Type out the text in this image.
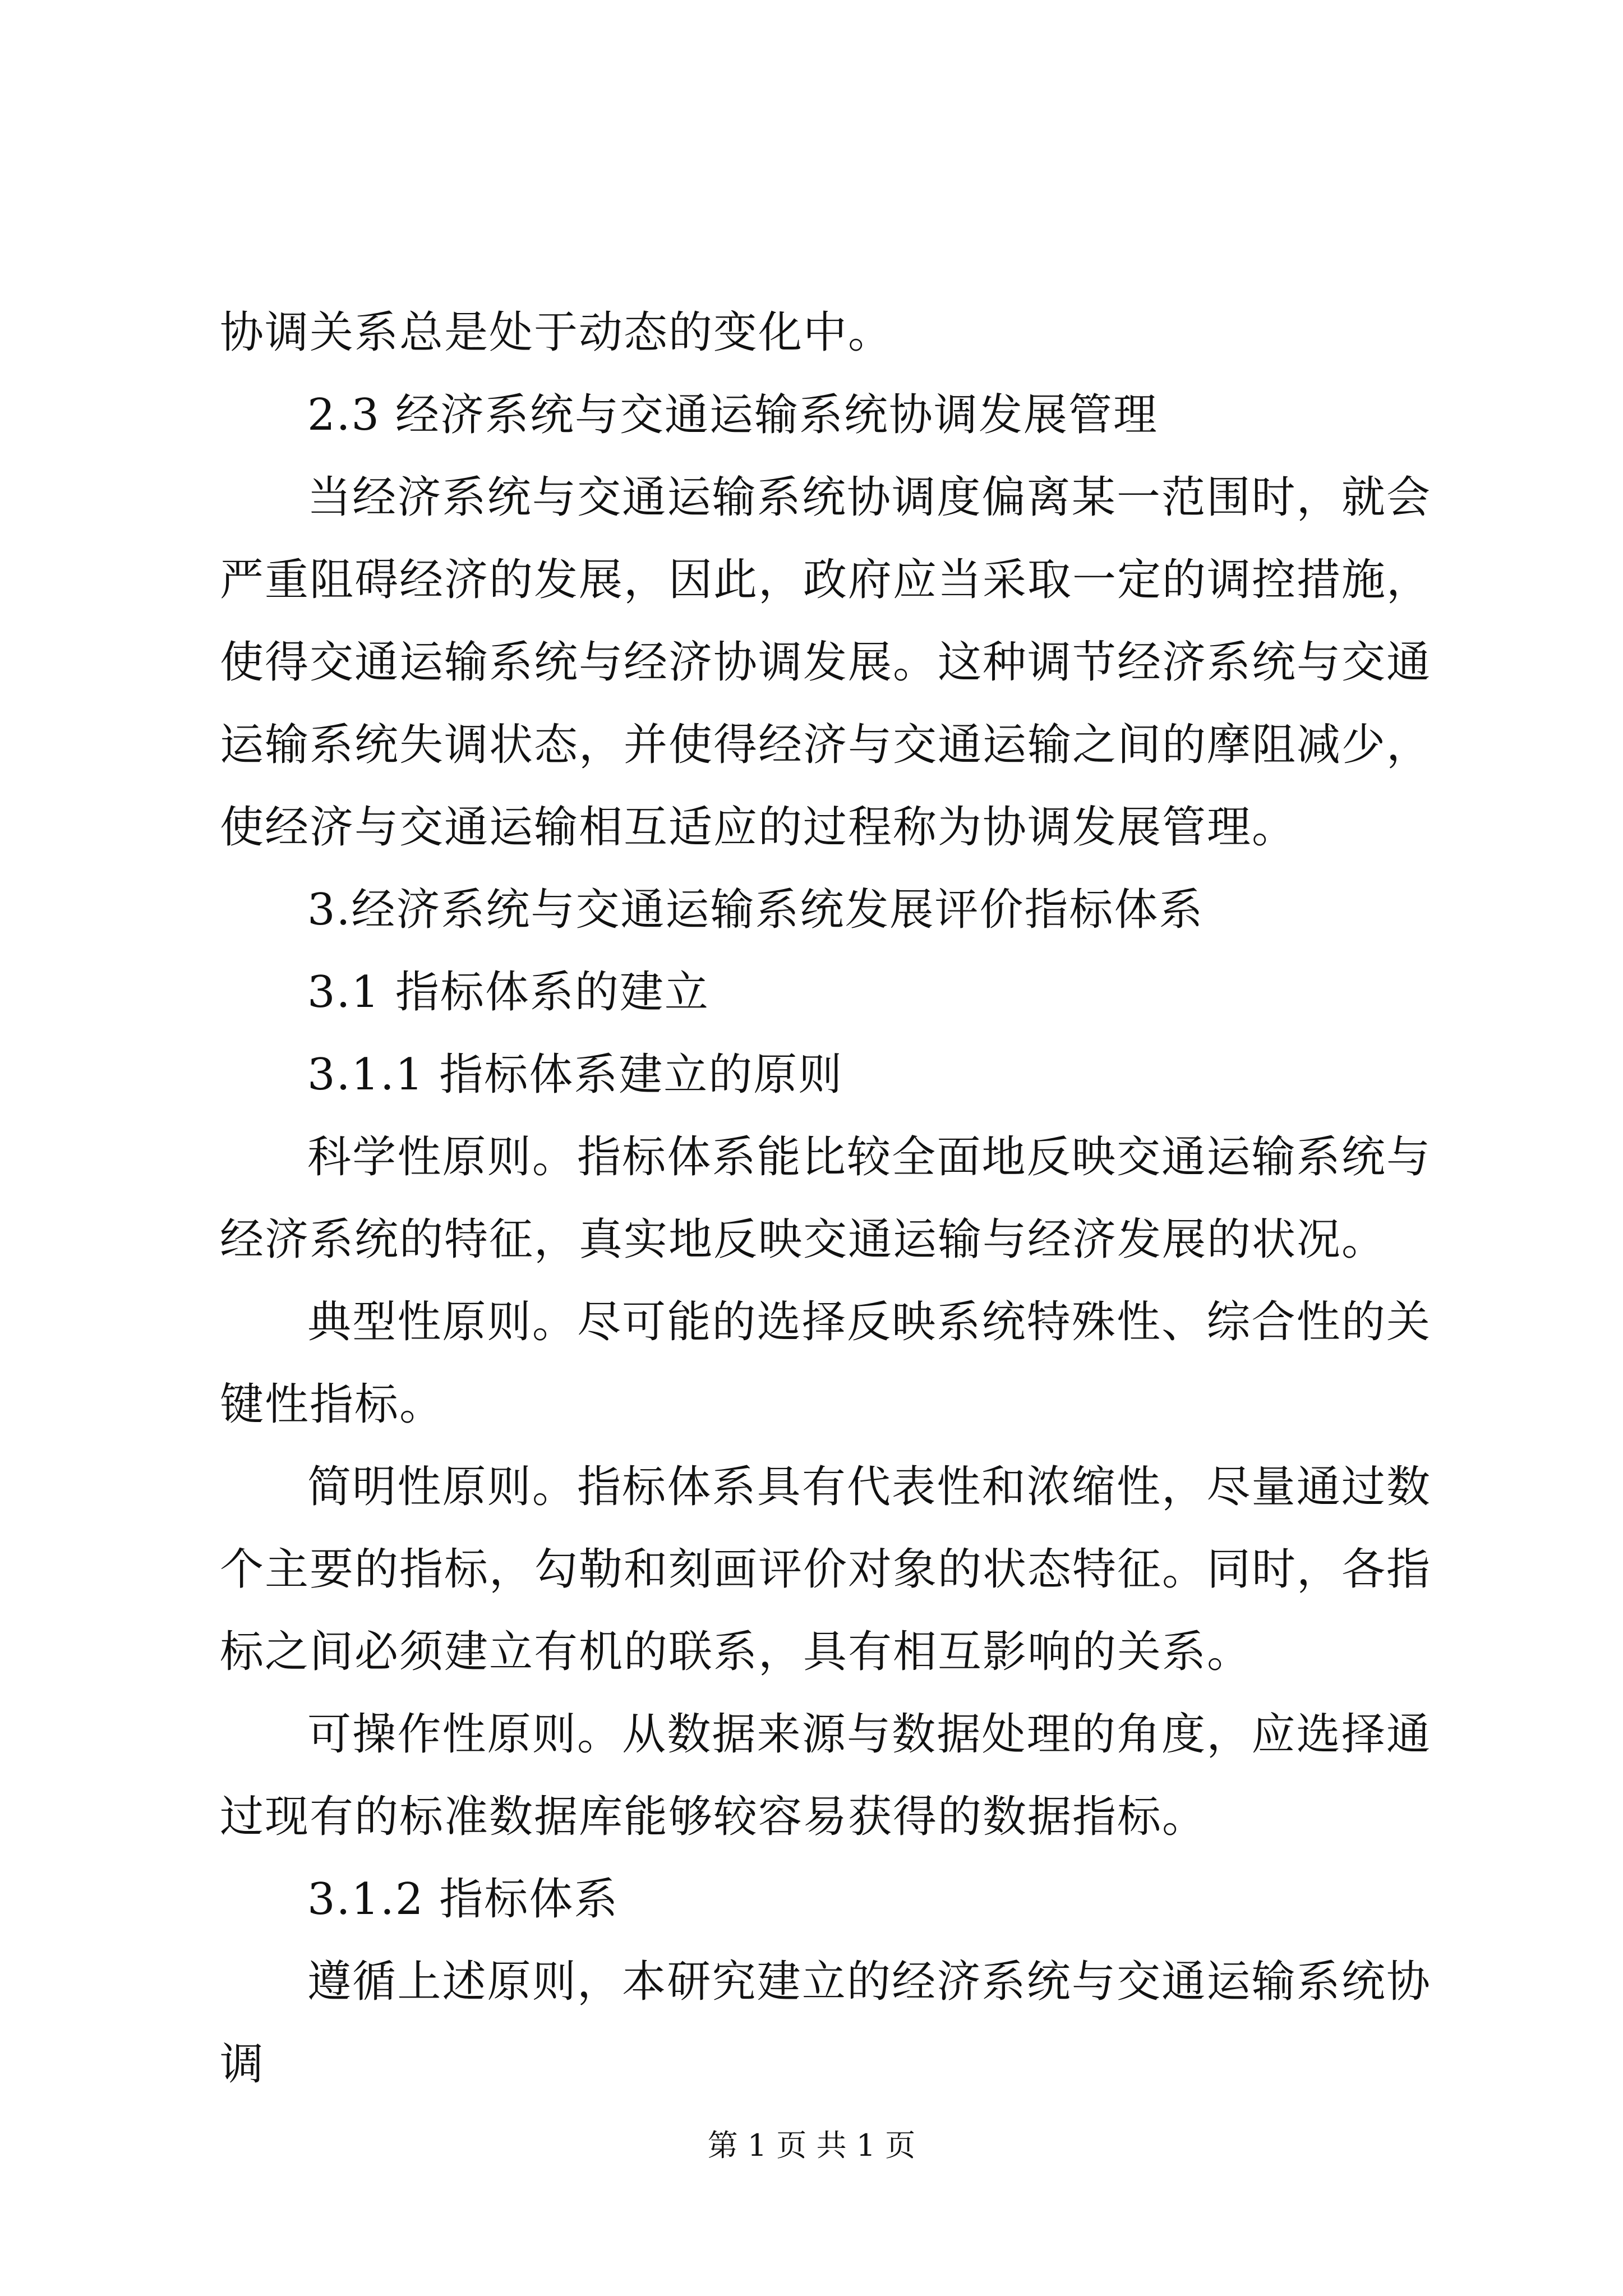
协调关系总是处于动态的变化中。

2.3 经济系统与交通运输系统协调发展管理

当经济系统与交通运输系统协调度偏离某一范围时，就会严重阻碍经济的发展，因此，政府应当采取一定的调控措施，使得交通运输系统与经济协调发展。这种调节经济系统与交通运输系统失调状态，并使得经济与交通运输之间的摩阻减少，使经济与交通运输相互适应的过程称为协调发展管理。

3.经济系统与交通运输系统发展评价指标体系

3.1 指标体系的建立

3.1.1 指标体系建立的原则

科学性原则。指标体系能比较全面地反映交通运输系统与经济系统的特征，真实地反映交通运输与经济发展的状况。

典型性原则。尽可能的选择反映系统特殊性、综合性的关键性指标。

简明性原则。指标体系具有代表性和浓缩性，尽量通过数个主要的指标，勾勒和刻画评价对象的状态特征。同时，各指标之间必须建立有机的联系，具有相互影响的关系。

可操作性原则。从数据来源与数据处理的角度，应选择通过现有的标准数据库能够较容易获得的数据指标。

3.1.2 指标体系

遵循上述原则，本研究建立的经济系统与交通运输系统协调

第 1 页 共 1 页
